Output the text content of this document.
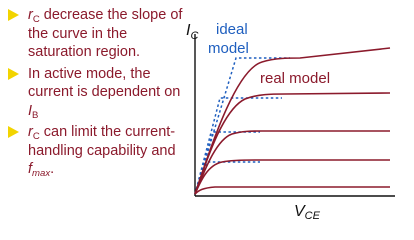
$r_C$ decrease the slope of the curve in the saturation region.
In active mode, the current is dependent on $I_B$
$r_C$ can limit the current-handling capability and $f_{max}$.
$I_C$ ideal
model
real model
VCE
